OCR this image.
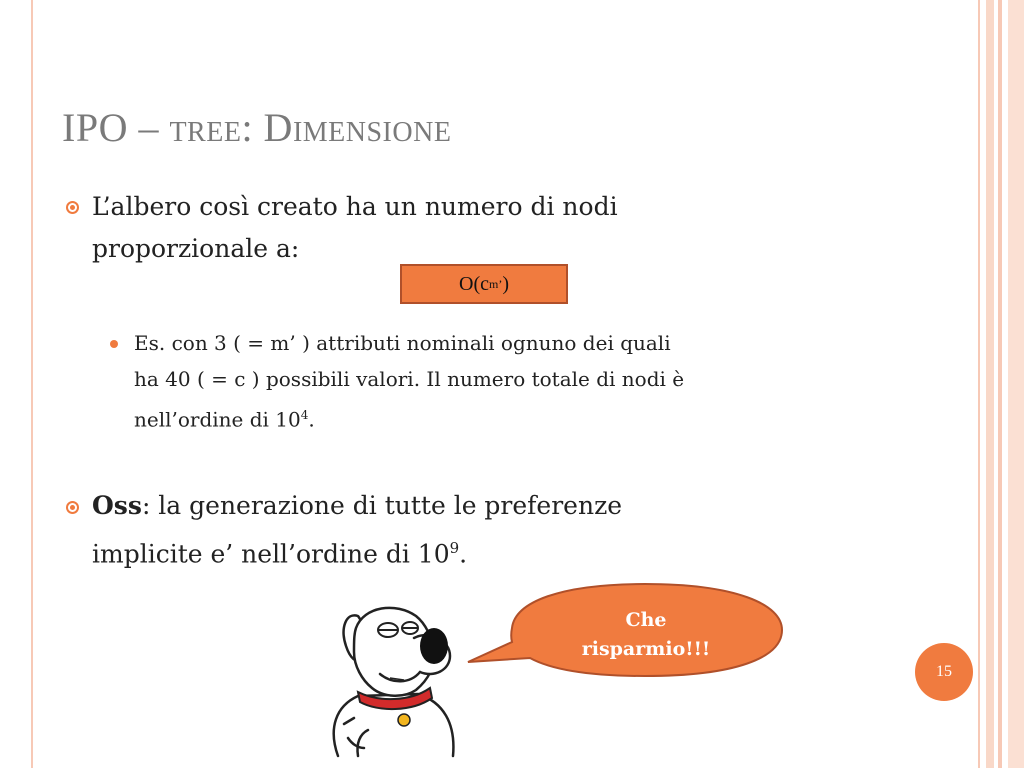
IPO – tree: Dimensione
L’albero così creato ha un numero di nodi
proporzionale a:
O(c m’ )
Es. con 3 ( = m’ ) attributi nominali ognuno dei quali
ha 40 ( = c ) possibili valori. Il numero totale di nodi è
nell’ordine di $10^4$.
Oss: la generazione di tutte le preferenze
implicite e’ nell’ordine di $10^9$.
Che
risparmio!!!
15
